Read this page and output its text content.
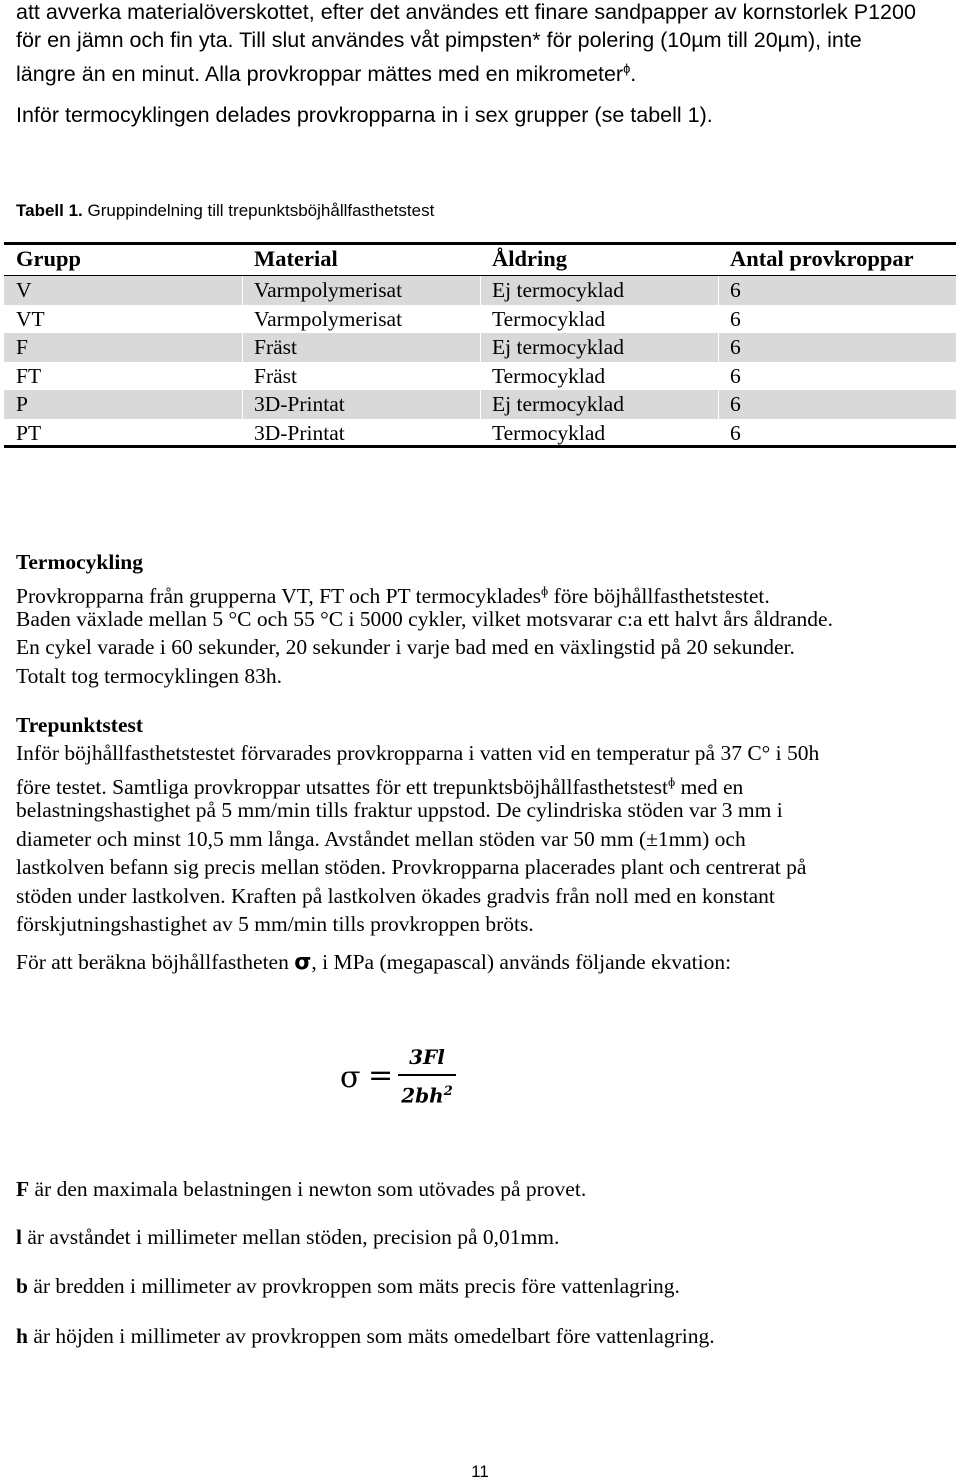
att avverka materialöverskottet, efter det användes ett finare sandpapper av kornstorlek P1200
för en jämn och fin yta. Till slut användes våt pimpsten* för polering (10µm till 20µm), inte
längre än en minut. Alla provkroppar mättes med en mikrometer$^ɸ$.
Inför termocyklingen delades provkropparna in i sex grupper (se tabell 1).
Tabell 1. Gruppindelning till trepunktsböjhållfasthetstest
Grupp	Material	Åldring	Antal provkroppar
V	Varmpolymerisat	Ej termocyklad	6
VT	Varmpolymerisat	Termocyklad	6
F	Fräst	Ej termocyklad	6
FT	Fräst	Termocyklad	6
P	3D-Printat	Ej termocyklad	6
PT	3D-Printat	Termocyklad	6
Termocykling
Provkropparna från grupperna VT, FT och PT termocyklades$^ɸ$ före böjhållfasthetstestet.
Baden växlade mellan 5 °C och 55 °C i 5000 cykler, vilket motsvarar c:a ett halvt års åldrande.
En cykel varade i 60 sekunder, 20 sekunder i varje bad med en växlingstid på 20 sekunder.
Totalt tog termocyklingen 83h.
Trepunktstest
Inför böjhållfasthetstestet förvarades provkropparna i vatten vid en temperatur på 37 C° i 50h
före testet. Samtliga provkroppar utsattes för ett trepunktsböjhållfasthetstest$^ɸ$ med en
belastningshastighet på 5 mm/min tills fraktur uppstod. De cylindriska stöden var 3 mm i
diameter och minst 10,5 mm långa. Avståndet mellan stöden var 50 mm (±1mm) och
lastkolven befann sig precis mellan stöden. Provkropparna placerades plant och centrerat på
stöden under lastkolven. Kraften på lastkolven ökades gradvis från noll med en konstant
förskjutningshastighet av 5 mm/min tills provkroppen bröts.
För att beräkna böjhållfastheten σ, i MPa (megapascal) används följande ekvation:
σ =
3Fl
$2bh^2$
F är den maximala belastningen i newton som utövades på provet.
l är avståndet i millimeter mellan stöden, precision på 0,01mm.
b är bredden i millimeter av provkroppen som mäts precis före vattenlagring.
h är höjden i millimeter av provkroppen som mäts omedelbart före vattenlagring.
11
